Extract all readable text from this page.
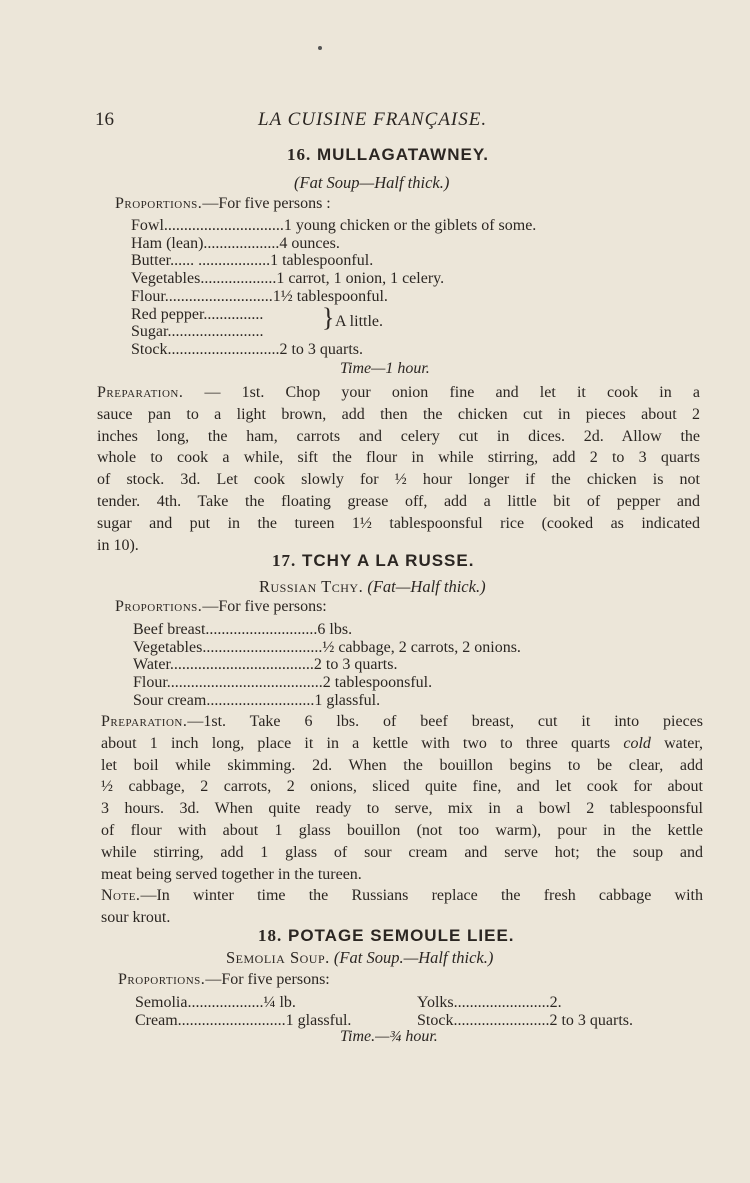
16	LA CUISINE FRANÇAISE.
16. MULLAGATAWNEY.
(Fat Soup—Half thick.)
Proportions.—For five persons :
Fowl..............................1 young chicken or the giblets of some.
Ham (lean)...................4 ounces.
Butter...... ..................1 tablespoonful.
Vegetables...................1 carrot, 1 onion, 1 celery.
Flour...........................1½ tablespoonful.
Red pepper...............
Sugar........................
Stock............................2 to 3 quarts.
} A little.
Time—1 hour.

Preparation. — 1st. Chop your onion fine and let it cook in a

sauce pan to a light brown, add then the chicken cut in pieces about 2

inches long, the ham, carrots and celery cut in dices. 2d. Allow the

whole to cook a while, sift the flour in while stirring, add 2 to 3 quarts

of stock. 3d. Let cook slowly for ½ hour longer if the chicken is not

tender. 4th. Take the floating grease off, add a little bit of pepper and

sugar and put in the tureen 1½ tablespoonsful rice (cooked as indicated

in 10).

17. TCHY A LA RUSSE.
Russian Tchy. (Fat—Half thick.)
Proportions.—For five persons:
Beef breast............................6 lbs.
Vegetables..............................½ cabbage, 2 carrots, 2 onions.
Water....................................2 to 3 quarts.
Flour.......................................2 tablespoonsful.
Sour cream...........................1 glassful.

Preparation.—1st. Take 6 lbs. of beef breast, cut it into pieces

about 1 inch long, place it in a kettle with two to three quarts cold water,

let boil while skimming. 2d. When the bouillon begins to be clear, add

½ cabbage, 2 carrots, 2 onions, sliced quite fine, and let cook for about

3 hours. 3d. When quite ready to serve, mix in a bowl 2 tablespoonsful

of flour with about 1 glass bouillon (not too warm), pour in the kettle

while stirring, add 1 glass of sour cream and serve hot; the soup and

meat being served together in the tureen.

Note.—In winter time the Russians replace the fresh cabbage with

sour krout.

18. POTAGE SEMOULE LIEE.
Semolia Soup. (Fat Soup.—Half thick.)
Proportions.—For five persons:
Semolia...................¼ lb.
Cream...........................1 glassful.
Yolks........................2.
Stock........................2 to 3 quarts.
Time.—¾ hour.
